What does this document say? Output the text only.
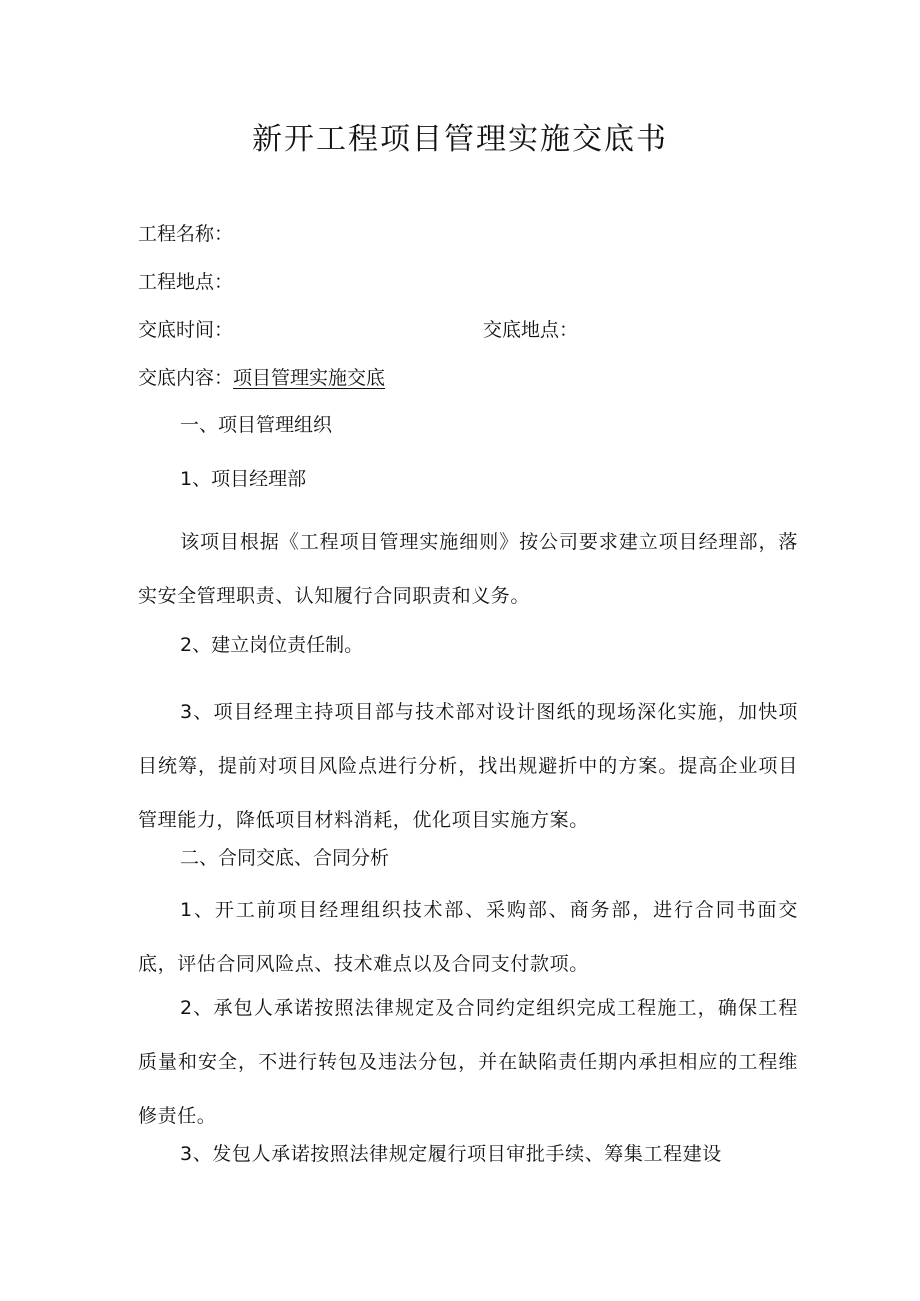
新开工程项目管理实施交底书

工程名称：

工程地点：

交底时间：	交底地点：

交底内容：项目管理实施交底

一、项目管理组织

1、项目经理部

该项目根据《工程项目管理实施细则》按公司要求建立项目经理部，落实安全管理职责、认知履行合同职责和义务。

2、建立岗位责任制。

3、项目经理主持项目部与技术部对设计图纸的现场深化实施，加快项目统筹，提前对项目风险点进行分析，找出规避折中的方案。提高企业项目管理能力，降低项目材料消耗，优化项目实施方案。

二、合同交底、合同分析

1、开工前项目经理组织技术部、采购部、商务部，进行合同书面交底，评估合同风险点、技术难点以及合同支付款项。

2、承包人承诺按照法律规定及合同约定组织完成工程施工，确保工程质量和安全，不进行转包及违法分包，并在缺陷责任期内承担相应的工程维修责任。

3、发包人承诺按照法律规定履行项目审批手续、筹集工程建设
